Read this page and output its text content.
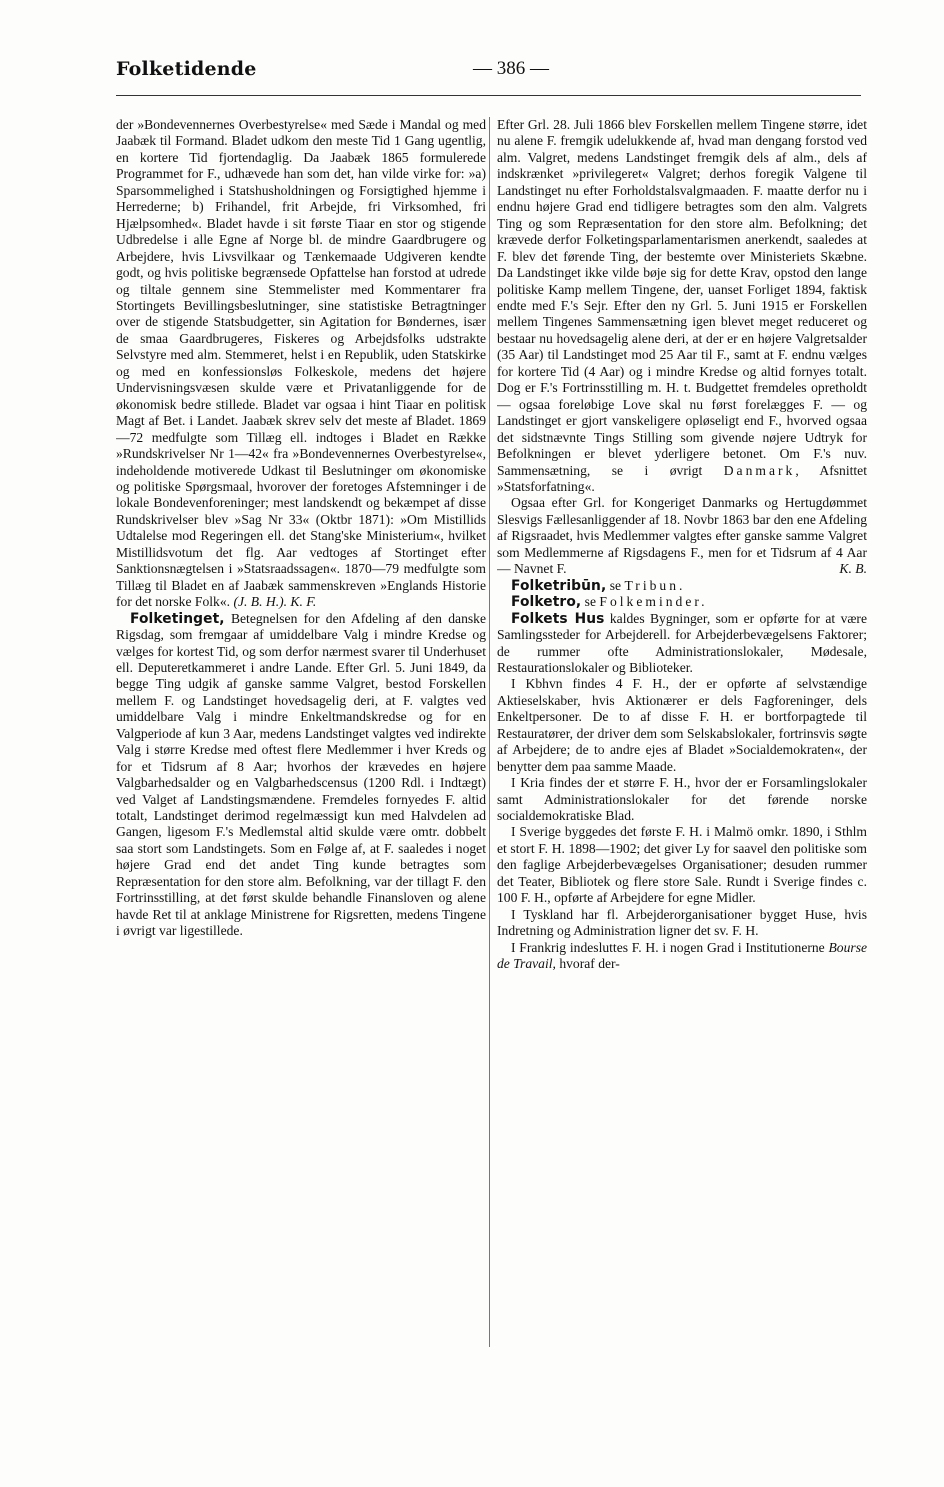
Folketidende	— 386 —

der »Bondevennernes Overbestyrelse« med Sæde i Mandal og med Jaabæk til Formand. Bladet udkom den meste Tid 1 Gang ugentlig, en kortere Tid fjortendaglig. Da Jaabæk 1865 formulerede Programmet for F., udhævede han som det, han vilde virke for: »a) Sparsommelighed i Statshusholdningen og Forsigtighed hjemme i Herrederne; b) Frihandel, frit Arbejde, fri Virksomhed, fri Hjælpsomhed«. Bladet havde i sit første Tiaar en stor og stigende Udbredelse i alle Egne af Norge bl. de mindre Gaardbrugere og Arbejdere, hvis Livsvilkaar og Tænkemaade Udgiveren kendte godt, og hvis politiske begrænsede Opfattelse han forstod at udrede og tiltale gennem sine Stemmelister med Kommentarer fra Stortingets Bevillingsbeslutninger, sine statistiske Betragtninger over de stigende Statsbudgetter, sin Agitation for Bøndernes, især de smaa Gaardbrugeres, Fiskeres og Arbejdsfolks udstrakte Selvstyre med alm. Stemmeret, helst i en Republik, uden Statskirke og med en konfessionsløs Folkeskole, medens det højere Undervisningsvæsen skulde være et Privatanliggende for de økonomisk bedre stillede. Bladet var ogsaa i hint Tiaar en politisk Magt af Bet. i Landet. Jaabæk skrev selv det meste af Bladet. 1869—72 medfulgte som Tillæg ell. indtoges i Bladet en Række »Rundskrivelser Nr 1—42« fra »Bondevennernes Overbestyrelse«, indeholdende motiverede Udkast til Beslutninger om økonomiske og politiske Spørgsmaal, hvorover der foretoges Afstemninger i de lokale Bondevenforeninger; mest landskendt og bekæmpet af disse Rundskrivelser blev »Sag Nr 33« (Oktbr 1871): »Om Mistillids Udtalelse mod Regeringen ell. det Stang'ske Ministerium«, hvilket Mistillidsvotum det flg. Aar vedtoges af Stortinget efter Sanktionsnægtelsen i »Statsraadssagen«. 1870—79 medfulgte som Tillæg til Bladet en af Jaabæk sammenskreven »Englands Historie for det norske Folk«. (J. B. H.). K. F.

Folketinget, Betegnelsen for den Afdeling af den danske Rigsdag, som fremgaar af umiddelbare Valg i mindre Kredse og vælges for kortest Tid, og som derfor nærmest svarer til Underhuset ell. Deputeretkammeret i andre Lande. Efter Grl. 5. Juni 1849, da begge Ting udgik af ganske samme Valgret, bestod Forskellen mellem F. og Landstinget hovedsagelig deri, at F. valgtes ved umiddelbare Valg i mindre Enkeltmandskredse og for en Valgperiode af kun 3 Aar, medens Landstinget valgtes ved indirekte Valg i større Kredse med oftest flere Medlemmer i hver Kreds og for et Tidsrum af 8 Aar; hvorhos der krævedes en højere Valgbarhedsalder og en Valgbarhedscensus (1200 Rdl. i Indtægt) ved Valget af Landstingsmændene. Fremdeles fornyedes F. altid totalt, Landstinget derimod regelmæssigt kun med Halvdelen ad Gangen, ligesom F.'s Medlemstal altid skulde være omtr. dobbelt saa stort som Landstingets. Som en Følge af, at F. saaledes i noget højere Grad end det andet Ting kunde betragtes som Repræsentation for den store alm. Befolkning, var der tillagt F. den Fortrinsstilling, at det først skulde behandle Finansloven og alene havde Ret til at anklage Ministrene for Rigsretten, medens Tingene i øvrigt var ligestillede.

Efter Grl. 28. Juli 1866 blev Forskellen mellem Tingene større, idet nu alene F. fremgik udelukkende af, hvad man dengang forstod ved alm. Valgret, medens Landstinget fremgik dels af alm., dels af indskrænket »privilegeret« Valgret; derhos foregik Valgene til Landstinget nu efter Forholdstalsvalgmaaden. F. maatte derfor nu i endnu højere Grad end tidligere betragtes som den alm. Valgrets Ting og som Repræsentation for den store alm. Befolkning; det krævede derfor Folketingsparlamentarismen anerkendt, saaledes at F. blev det førende Ting, der bestemte over Ministeriets Skæbne. Da Landstinget ikke vilde bøje sig for dette Krav, opstod den lange politiske Kamp mellem Tingene, der, uanset Forliget 1894, faktisk endte med F.'s Sejr. Efter den ny Grl. 5. Juni 1915 er Forskellen mellem Tingenes Sammensætning igen blevet meget reduceret og bestaar nu hovedsagelig alene deri, at der er en højere Valgretsalder (35 Aar) til Landstinget mod 25 Aar til F., samt at F. endnu vælges for kortere Tid (4 Aar) og i mindre Kredse og altid fornyes totalt. Dog er F.'s Fortrinsstilling m. H. t. Budgettet fremdeles opretholdt — ogsaa foreløbige Love skal nu først forelægges F. — og Landstinget er gjort vanskeligere opløseligt end F., hvorved ogsaa det sidstnævnte Tings Stilling som givende nøjere Udtryk for Befolkningen er blevet yderligere betonet. Om F.'s nuv. Sammensætning, se i øvrigt Danmark, Afsnittet »Statsforfatning«.

Ogsaa efter Grl. for Kongeriget Danmarks og Hertugdømmet Slesvigs Fællesanliggender af 18. Novbr 1863 bar den ene Afdeling af Rigsraadet, hvis Medlemmer valgtes efter ganske samme Valgret som Medlemmerne af Rigsdagens F., men for et Tidsrum af 4 Aar — Navnet F.	K. B.

Folketribūn, se Tribun.

Folketro, se Folkeminder.

Folkets Hus kaldes Bygninger, som er opførte for at være Samlingssteder for Arbejderell. for Arbejderbevægelsens Faktorer; de rummer ofte Administrationslokaler, Mødesale, Restaurationslokaler og Biblioteker.

I Kbhvn findes 4 F. H., der er opførte af selvstændige Aktieselskaber, hvis Aktionærer er dels Fagforeninger, dels Enkeltpersoner. De to af disse F. H. er bortforpagtede til Restauratører, der driver dem som Selskabslokaler, fortrinsvis søgte af Arbejdere; de to andre ejes af Bladet »Socialdemokraten«, der benytter dem paa samme Maade.

I Kria findes der et større F. H., hvor der er Forsamlingslokaler samt Administrationslokaler for det førende norske socialdemokratiske Blad.

I Sverige byggedes det første F. H. i Malmö omkr. 1890, i Sthlm et stort F. H. 1898—1902; det giver Ly for saavel den politiske som den faglige Arbejderbevægelses Organisationer; desuden rummer det Teater, Bibliotek og flere store Sale. Rundt i Sverige findes c. 100 F. H., opførte af Arbejdere for egne Midler.

I Tyskland har fl. Arbejderorganisationer bygget Huse, hvis Indretning og Administration ligner det sv. F. H.

I Frankrig indesluttes F. H. i nogen Grad i Institutionerne Bourse de Travail, hvoraf der-
